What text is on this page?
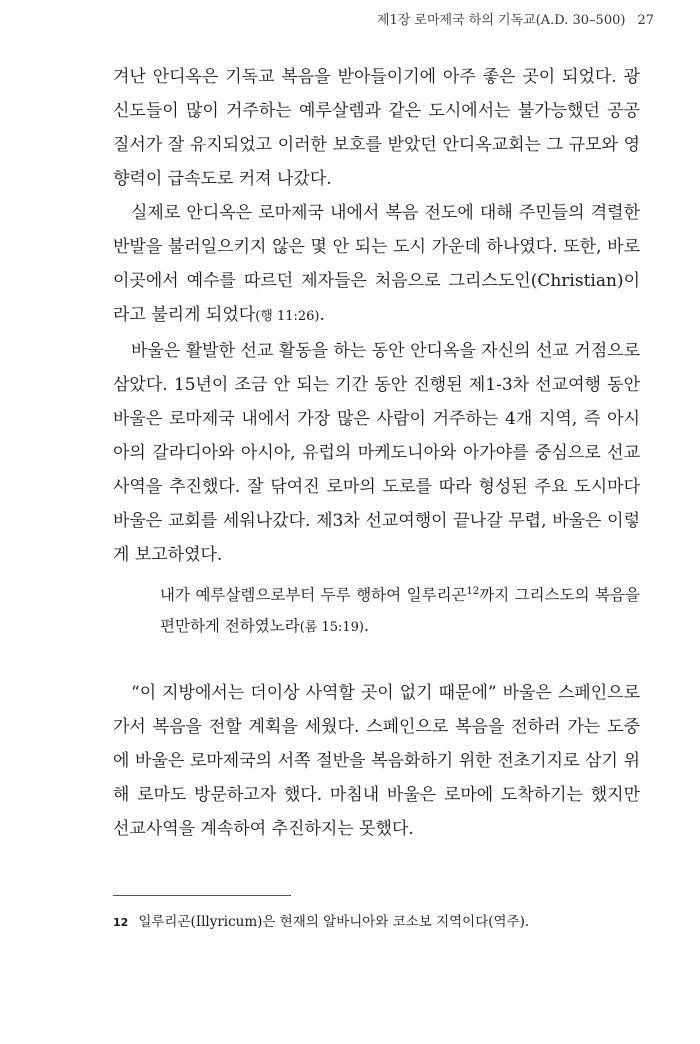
제1장 로마제국 하의 기독교(A.D. 30–500) 27

겨난 안디옥은 기독교 복음을 받아들이기에 아주 좋은 곳이 되었다. 광신도들이 많이 거주하는 예루살렘과 같은 도시에서는 불가능했던 공공질서가 잘 유지되었고 이러한 보호를 받았던 안디옥교회는 그 규모와 영향력이 급속도로 커져 나갔다.

실제로 안디옥은 로마제국 내에서 복음 전도에 대해 주민들의 격렬한 반발을 불러일으키지 않은 몇 안 되는 도시 가운데 하나였다. 또한, 바로 이곳에서 예수를 따르던 제자들은 처음으로 그리스도인(Christian)이라고 불리게 되었다(행 11:26).

바울은 활발한 선교 활동을 하는 동안 안디옥을 자신의 선교 거점으로 삼았다. 15년이 조금 안 되는 기간 동안 진행된 제1-3차 선교여행 동안 바울은 로마제국 내에서 가장 많은 사람이 거주하는 4개 지역, 즉 아시아의 갈라디아와 아시아, 유럽의 마케도니아와 아가야를 중심으로 선교사역을 추진했다. 잘 닦여진 로마의 도로를 따라 형성된 주요 도시마다 바울은 교회를 세워나갔다. 제3차 선교여행이 끝나갈 무렵, 바울은 이렇게 보고하였다.

내가 예루살렘으로부터 두루 행하여 일루리곤$^{12}$까지 그리스도의 복음을 편만하게 전하였노라(롬 15:19).

“이 지방에서는 더이상 사역할 곳이 없기 때문에” 바울은 스페인으로 가서 복음을 전할 계획을 세웠다. 스페인으로 복음을 전하러 가는 도중에 바울은 로마제국의 서쪽 절반을 복음화하기 위한 전초기지로 삼기 위해 로마도 방문하고자 했다. 마침내 바울은 로마에 도착하기는 했지만 선교사역을 계속하여 추진하지는 못했다.

12 일루리곤(Illyricum)은 현재의 알바니아와 코소보 지역이다(역주).
